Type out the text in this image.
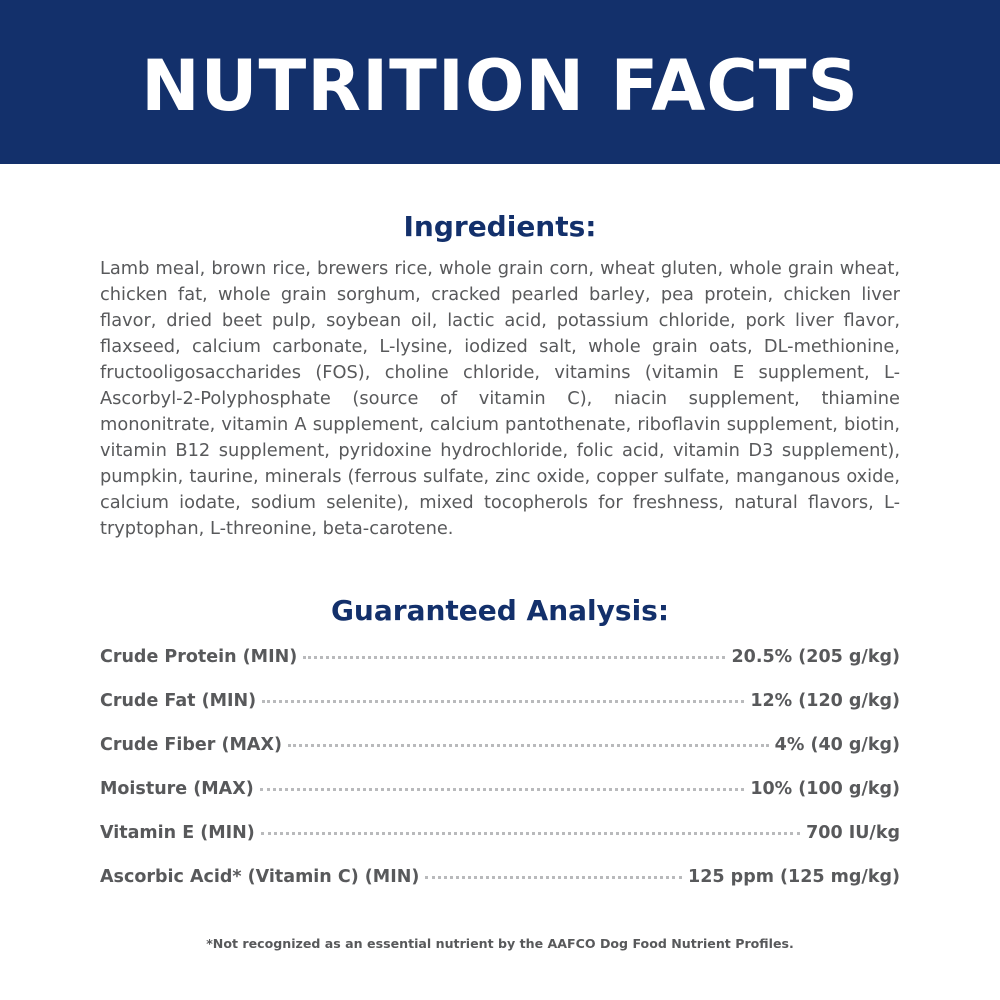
NUTRITION FACTS
Ingredients:

Lamb meal, brown rice, brewers rice, whole grain corn, wheat gluten, whole grain wheat, chicken fat, whole grain sorghum, cracked pearled barley, pea protein, chicken liver flavor, dried beet pulp, soybean oil, lactic acid, potassium chloride, pork liver flavor, flaxseed, calcium carbonate, L-lysine, iodized salt, whole grain oats, DL-methionine, fructooligosaccharides (FOS), choline chloride, vitamins (vitamin E supplement, L-Ascorbyl-2-Polyphosphate (source of vitamin C), niacin supplement, thiamine mononitrate, vitamin A supplement, calcium pantothenate, riboflavin supplement, biotin, vitamin B12 supplement, pyridoxine hydrochloride, folic acid, vitamin D3 supplement), pumpkin, taurine, minerals (ferrous sulfate, zinc oxide, copper sulfate, manganous oxide, calcium iodate, sodium selenite), mixed tocopherols for freshness, natural flavors, L-tryptophan, L-threonine, beta-carotene.

Guaranteed Analysis:
Crude Protein (MIN)	20.5% (205 g/kg)
Crude Fat (MIN)	12% (120 g/kg)
Crude Fiber (MAX)	4% (40 g/kg)
Moisture (MAX)	10% (100 g/kg)
Vitamin E (MIN)	700 IU/kg
Ascorbic Acid* (Vitamin C) (MIN)	125 ppm (125 mg/kg)

*Not recognized as an essential nutrient by the AAFCO Dog Food Nutrient Profiles.
